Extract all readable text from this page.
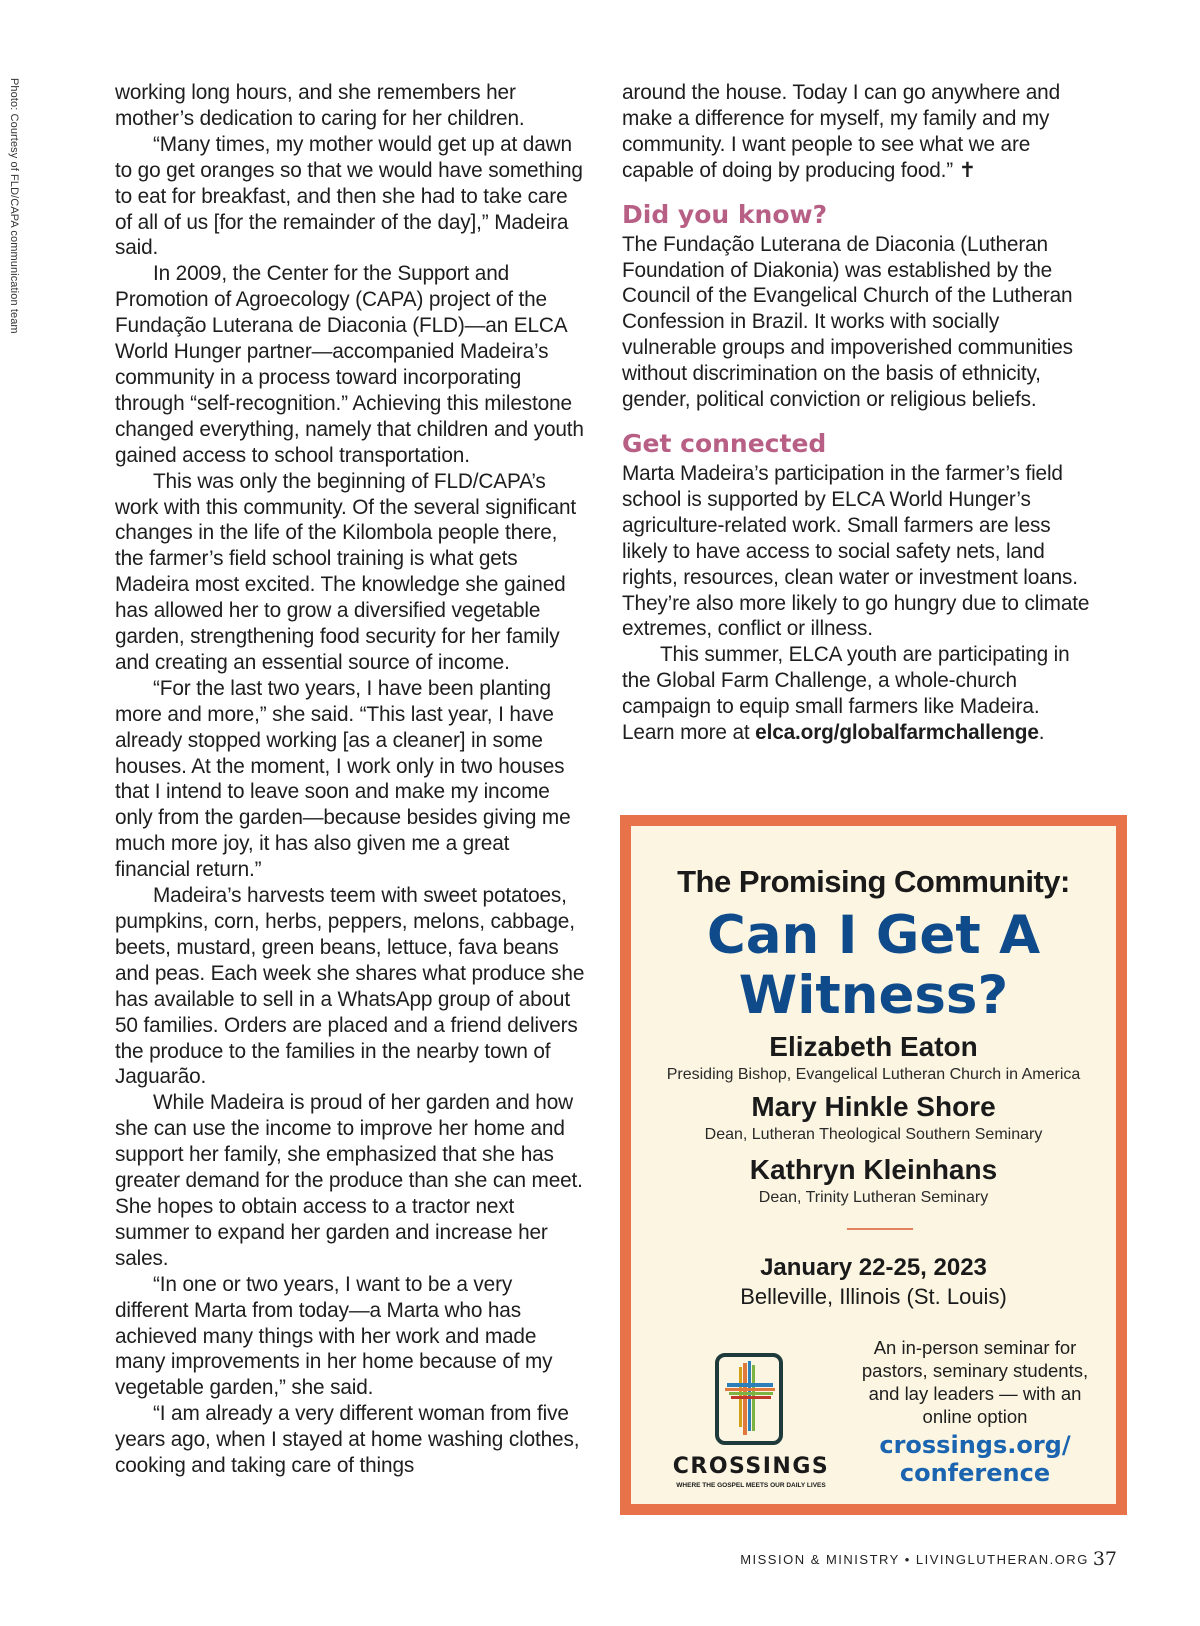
Photo: Courtesy of FLD/CAPA communication team	working long hours, and she remembers her mother’s dedication to caring for her children.

“Many times, my mother would get up at dawn to go get oranges so that we would have something to eat for breakfast, and then she had to take care of all of us [for the remainder of the day],” Madeira said.

In 2009, the Center for the Support and Promotion of Agroecology (CAPA) project of the Fundação Luterana de Diaconia (FLD)—an ELCA World Hunger partner—accompanied Madeira’s community in a process toward incorporating through “self-recognition.” Achieving this milestone changed everything, namely that children and youth gained access to school transportation.

This was only the beginning of FLD/CAPA’s work with this community. Of the several significant changes in the life of the Kilombola people there, the farmer’s field school training is what gets Madeira most excited. The knowledge she gained has allowed her to grow a diversified vegetable garden, strengthening food security for her family and creating an essential source of income.

“For the last two years, I have been planting more and more,” she said. “This last year, I have already stopped working [as a cleaner] in some houses. At the moment, I work only in two houses that I intend to leave soon and make my income only from the garden—because besides giving me much more joy, it has also given me a great financial return.”

Madeira’s harvests teem with sweet potatoes, pumpkins, corn, herbs, peppers, melons, cabbage, beets, mustard, green beans, lettuce, fava beans and peas. Each week she shares what produce she has available to sell in a WhatsApp group of about 50 families. Orders are placed and a friend delivers the produce to the families in the nearby town of Jaguarão.

While Madeira is proud of her garden and how she can use the income to improve her home and support her family, she emphasized that she has greater demand for the produce than she can meet. She hopes to obtain access to a tractor next summer to expand her garden and increase her sales.

“In one or two years, I want to be a very different Marta from today—a Marta who has achieved many things with her work and made many improvements in her home because of my vegetable garden,” she said.

“I am already a very different woman from five years ago, when I stayed at home washing clothes, cooking and taking care of things

around the house. Today I can go anywhere and make a difference for myself, my family and my community. I want people to see what we are capable of doing by producing food.” ✝

Did you know?

The Fundação Luterana de Diaconia (Lutheran Foundation of Diakonia) was established by the Council of the Evangelical Church of the Lutheran Confession in Brazil. It works with socially vulnerable groups and impoverished communities without discrimination on the basis of ethnicity, gender, political conviction or religious beliefs.

Get connected

Marta Madeira’s participation in the farmer’s field school is supported by ELCA World Hunger’s agriculture-related work. Small farmers are less likely to have access to social safety nets, land rights, resources, clean water or investment loans. They’re also more likely to go hungry due to climate extremes, conflict or illness.

This summer, ELCA youth are participating in the Global Farm Challenge, a whole-church campaign to equip small farmers like Madeira. Learn more at elca.org/globalfarmchallenge.

The Promising Community:
Can I Get A
Witness?
Elizabeth Eaton
Presiding Bishop, Evangelical Lutheran Church in America
Mary Hinkle Shore
Dean, Lutheran Theological Southern Seminary
Kathryn Kleinhans
Dean, Trinity Lutheran Seminary
January 22-25, 2023
Belleville, Illinois (St. Louis)
CROSSINGS
WHERE THE GOSPEL MEETS OUR DAILY LIVES
An in-person seminar for pastors, seminary students, and lay leaders — with an online option
crossings.org/
conference
MISSION & MINISTRY • LIVINGLUTHERAN.ORG 37
